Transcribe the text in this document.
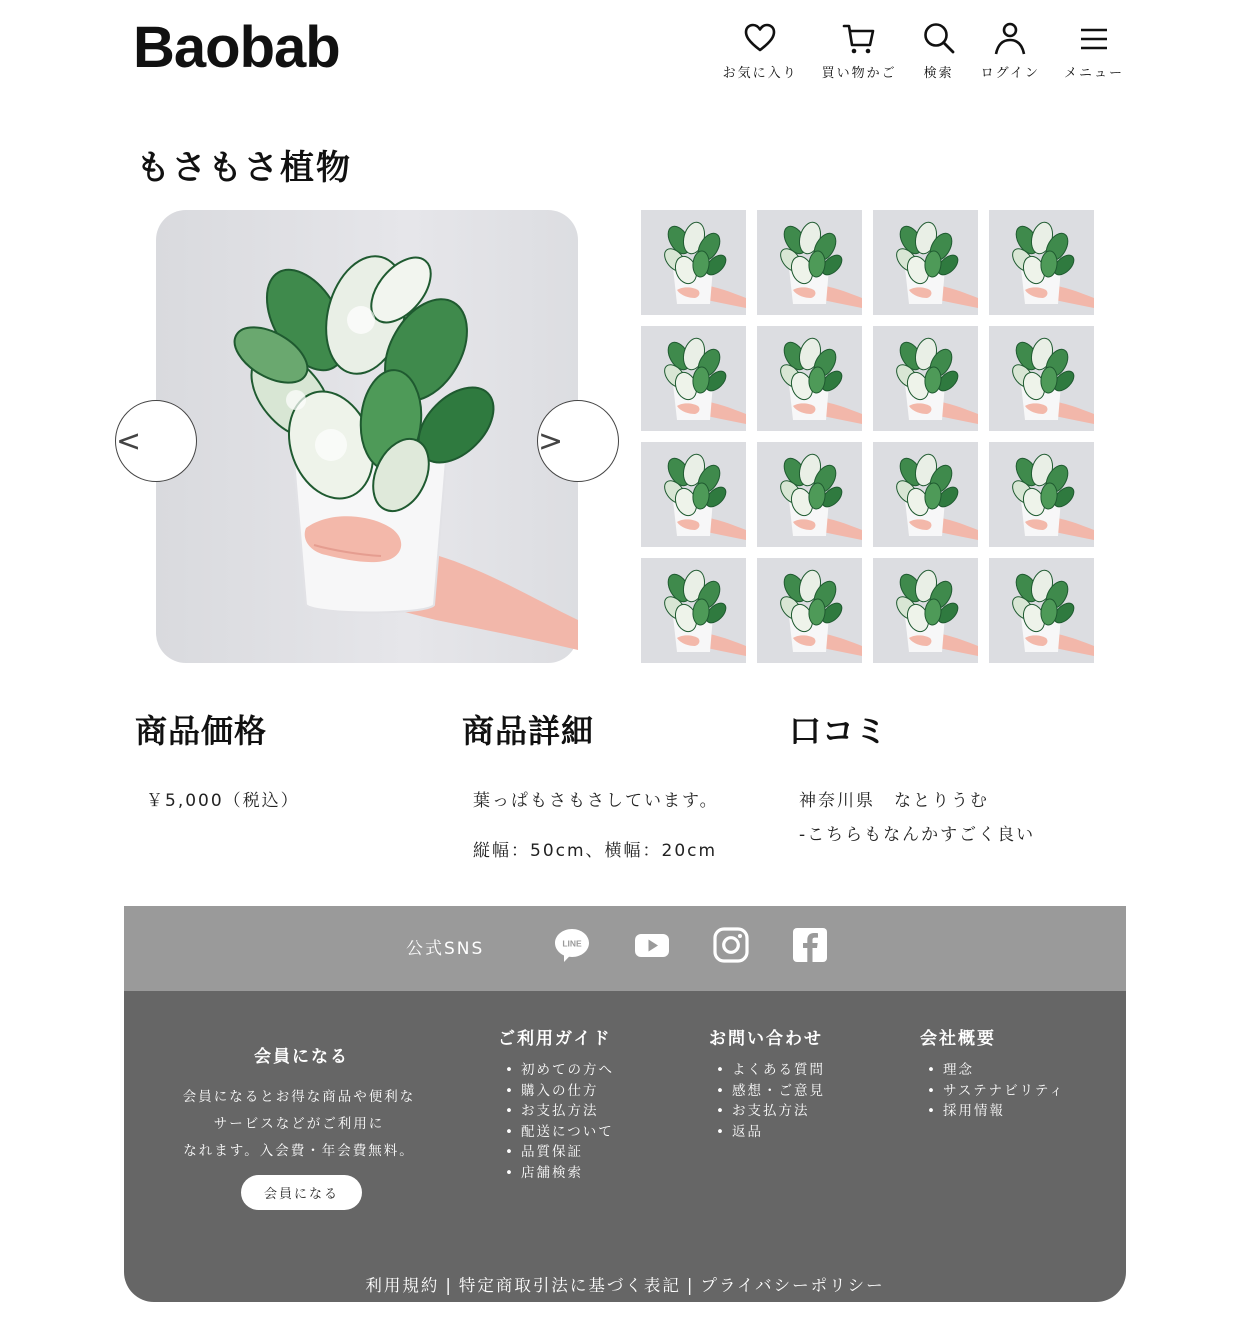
Baobab	お気に入り 買い物かご 検索 ログイン メニュー
もさもさ植物
<	>
商品価格
￥5,000（税込）
商品詳細
葉っぱもさもさしています。
縦幅：50cm、横幅：20cm
口コミ
神奈川県　なとりうむ
-こちらもなんかすごく良い
公式SNS	LINE
会員になる
会員になるとお得な商品や便利な
サービスなどがご利用に
なれます。入会費・年会費無料。
会員になる
ご利用ガイド
• 初めての方へ
• 購入の仕方
• お支払方法
• 配送について
• 品質保証
• 店舗検索
お問い合わせ
• よくある質問
• 感想・ご意見
• お支払方法
• 返品
会社概要
• 理念
• サステナビリティ
• 採用情報
利用規約 | 特定商取引法に基づく表記 | プライバシーポリシー
